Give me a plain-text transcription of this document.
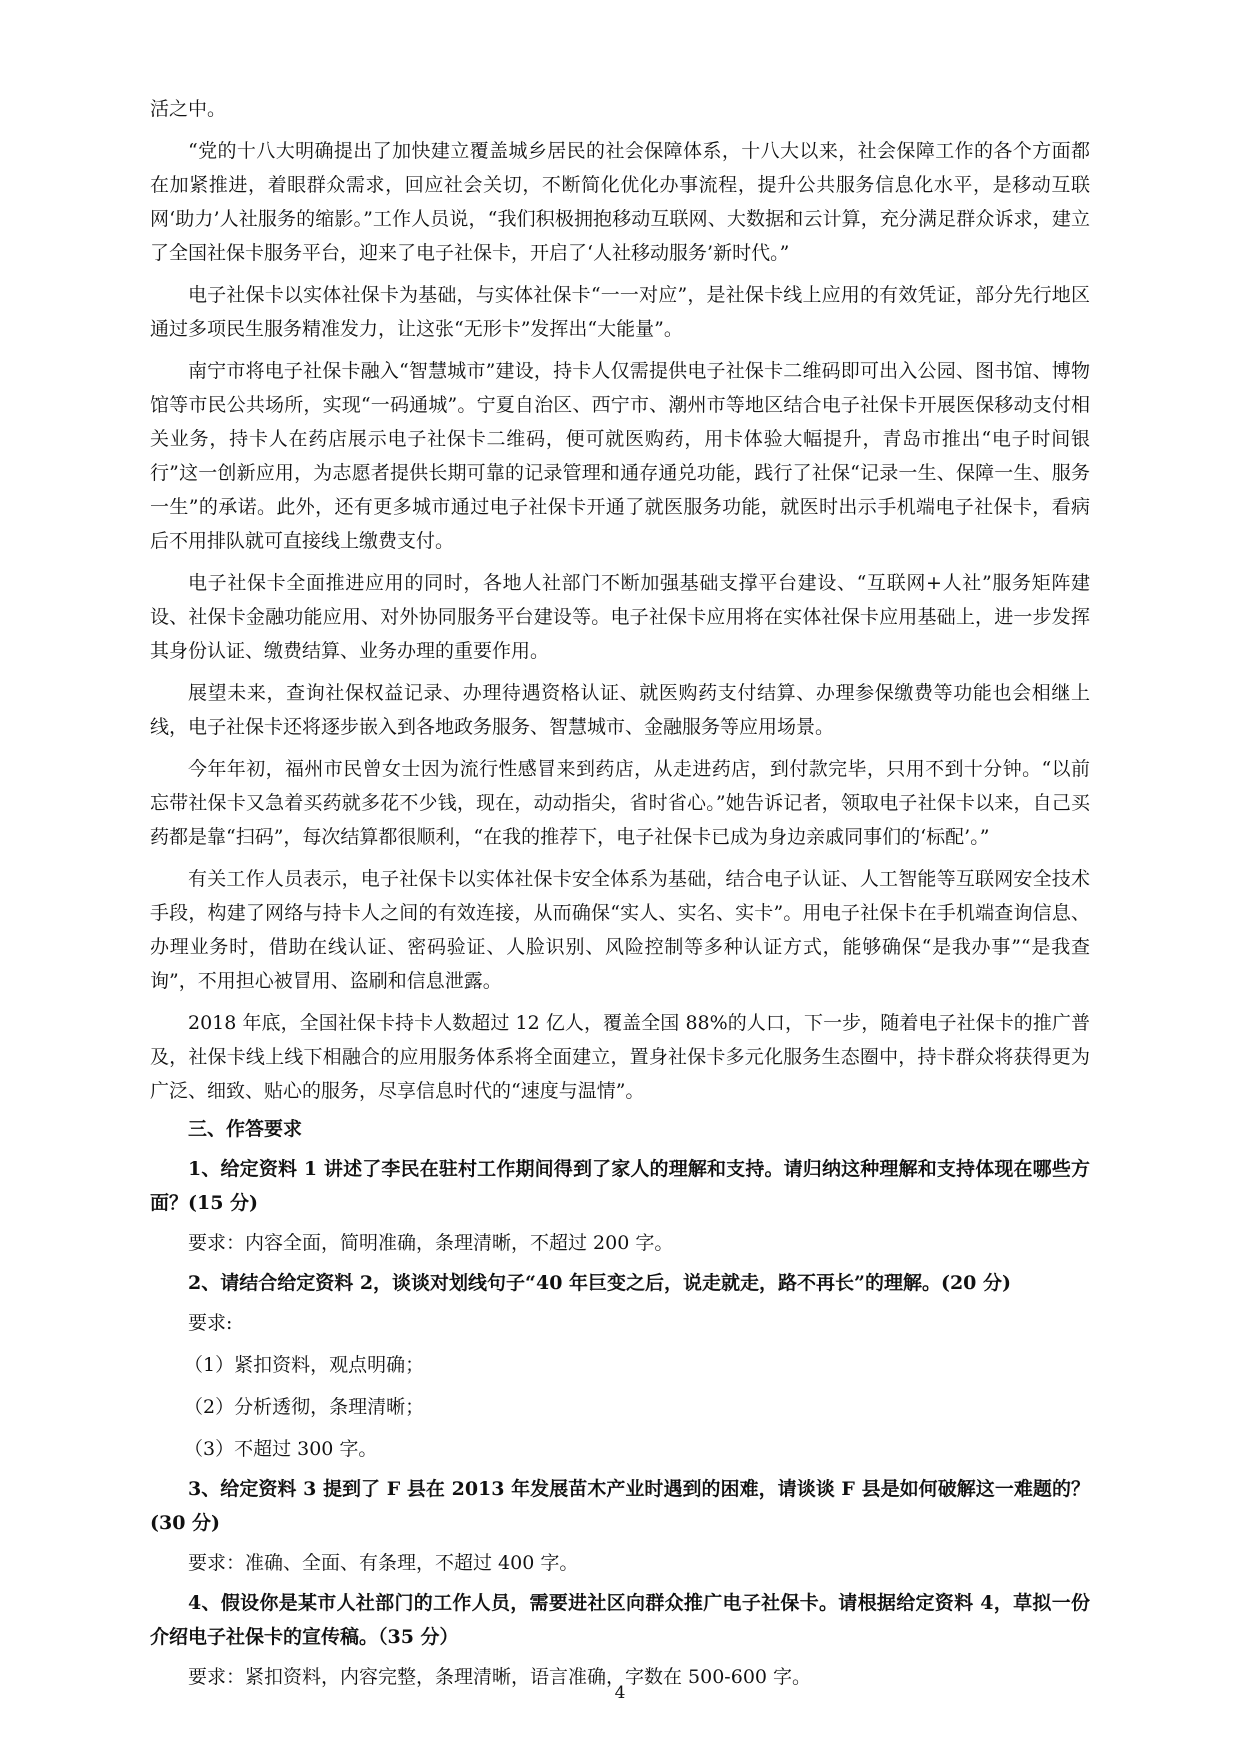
活之中。

“党的十八大明确提出了加快建立覆盖城乡居民的社会保障体系，十八大以来，社会保障工作的各个方面都在加紧推进，着眼群众需求，回应社会关切，不断简化优化办事流程，提升公共服务信息化水平，是移动互联网‘助力’人社服务的缩影。”工作人员说，“我们积极拥抱移动互联网、大数据和云计算，充分满足群众诉求，建立了全国社保卡服务平台，迎来了电子社保卡，开启了‘人社移动服务’新时代。”

电子社保卡以实体社保卡为基础，与实体社保卡“一一对应”，是社保卡线上应用的有效凭证，部分先行地区通过多项民生服务精准发力，让这张“无形卡”发挥出“大能量”。

南宁市将电子社保卡融入“智慧城市”建设，持卡人仅需提供电子社保卡二维码即可出入公园、图书馆、博物馆等市民公共场所，实现“一码通城”。宁夏自治区、西宁市、潮州市等地区结合电子社保卡开展医保移动支付相关业务，持卡人在药店展示电子社保卡二维码，便可就医购药，用卡体验大幅提升，青岛市推出“电子时间银行”这一创新应用，为志愿者提供长期可靠的记录管理和通存通兑功能，践行了社保“记录一生、保障一生、服务一生”的承诺。此外，还有更多城市通过电子社保卡开通了就医服务功能，就医时出示手机端电子社保卡，看病后不用排队就可直接线上缴费支付。

电子社保卡全面推进应用的同时，各地人社部门不断加强基础支撑平台建设、“互联网+人社”服务矩阵建设、社保卡金融功能应用、对外协同服务平台建设等。电子社保卡应用将在实体社保卡应用基础上，进一步发挥其身份认证、缴费结算、业务办理的重要作用。

展望未来，查询社保权益记录、办理待遇资格认证、就医购药支付结算、办理参保缴费等功能也会相继上线，电子社保卡还将逐步嵌入到各地政务服务、智慧城市、金融服务等应用场景。

今年年初，福州市民曾女士因为流行性感冒来到药店，从走进药店，到付款完毕，只用不到十分钟。“以前忘带社保卡又急着买药就多花不少钱，现在，动动指尖，省时省心。”她告诉记者，领取电子社保卡以来，自己买药都是靠“扫码”，每次结算都很顺利，“在我的推荐下，电子社保卡已成为身边亲戚同事们的‘标配’。”

有关工作人员表示，电子社保卡以实体社保卡安全体系为基础，结合电子认证、人工智能等互联网安全技术手段，构建了网络与持卡人之间的有效连接，从而确保“实人、实名、实卡”。用电子社保卡在手机端查询信息、办理业务时，借助在线认证、密码验证、人脸识别、风险控制等多种认证方式，能够确保“是我办事”“是我查询”，不用担心被冒用、盗刷和信息泄露。

2018 年底，全国社保卡持卡人数超过 12 亿人，覆盖全国 88%的人口，下一步，随着电子社保卡的推广普及，社保卡线上线下相融合的应用服务体系将全面建立，置身社保卡多元化服务生态圈中，持卡群众将获得更为广泛、细致、贴心的服务，尽享信息时代的“速度与温情”。

三、作答要求

1、给定资料 1 讲述了李民在驻村工作期间得到了家人的理解和支持。请归纳这种理解和支持体现在哪些方面？(15 分)

要求：内容全面，简明准确，条理清晰，不超过 200 字。

2、请结合给定资料 2，谈谈对划线句子“40 年巨变之后，说走就走，路不再长”的理解。(20 分)

要求:

（1）紧扣资料，观点明确；

（2）分析透彻，条理清晰；

（3）不超过 300 字。

3、给定资料 3 提到了 F 县在 2013 年发展苗木产业时遇到的困难，请谈谈 F 县是如何破解这一难题的？(30 分)

要求：准确、全面、有条理，不超过 400 字。

4、假设你是某市人社部门的工作人员，需要进社区向群众推广电子社保卡。请根据给定资料 4，草拟一份介绍电子社保卡的宣传稿。（35 分）

要求：紧扣资料，内容完整，条理清晰，语言准确，字数在 500-600 字。

4
